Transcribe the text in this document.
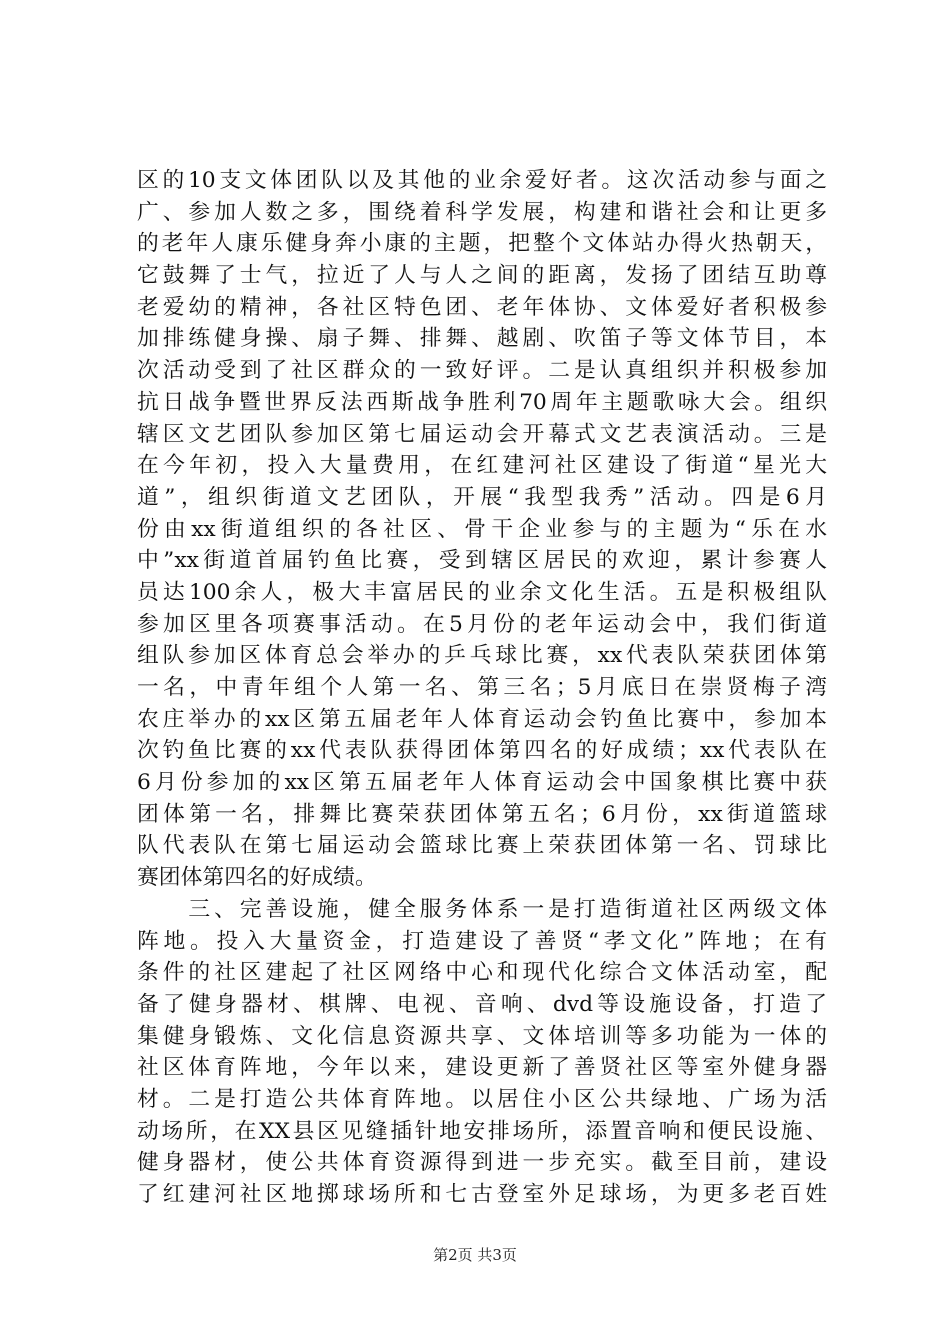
区的10支文体团队以及其他的业余爱好者。这次活动参与面之
广、参加人数之多，围绕着科学发展，构建和谐社会和让更多
的老年人康乐健身奔小康的主题，把整个文体站办得火热朝天，
它鼓舞了士气，拉近了人与人之间的距离，发扬了团结互助尊
老爱幼的精神，各社区特色团、老年体协、文体爱好者积极参
加排练健身操、扇子舞、排舞、越剧、吹笛子等文体节目，本
次活动受到了社区群众的一致好评。二是认真组织并积极参加
抗日战争暨世界反法西斯战争胜利70周年主题歌咏大会。组织
辖区文艺团队参加区第七届运动会开幕式文艺表演活动。三是
在今年初，投入大量费用，在红建河社区建设了街道“星光大
道”，组织街道文艺团队，开展“我型我秀”活动。四是6月
份由xx街道组织的各社区、骨干企业参与的主题为“乐在水
中”xx街道首届钓鱼比赛，受到辖区居民的欢迎，累计参赛人
员达100余人，极大丰富居民的业余文化生活。五是积极组队
参加区里各项赛事活动。在5月份的老年运动会中，我们街道
组队参加区体育总会举办的乒乓球比赛，xx代表队荣获团体第
一名，中青年组个人第一名、第三名；5月底日在崇贤梅子湾
农庄举办的xx区第五届老年人体育运动会钓鱼比赛中，参加本
次钓鱼比赛的xx代表队获得团体第四名的好成绩；xx代表队在
6月份参加的xx区第五届老年人体育运动会中国象棋比赛中获
团体第一名，排舞比赛荣获团体第五名；6月份，xx街道篮球
队代表队在第七届运动会篮球比赛上荣获团体第一名、罚球比
赛团体第四名的好成绩。
　　三、完善设施，健全服务体系一是打造街道社区两级文体
阵地。投入大量资金，打造建设了善贤“孝文化”阵地；在有
条件的社区建起了社区网络中心和现代化综合文体活动室，配
备了健身器材、棋牌、电视、音响、dvd等设施设备，打造了
集健身锻炼、文化信息资源共享、文体培训等多功能为一体的
社区体育阵地，今年以来，建设更新了善贤社区等室外健身器
材。二是打造公共体育阵地。以居住小区公共绿地、广场为活
动场所，在XX县区见缝插针地安排场所，添置音响和便民设施、
健身器材，使公共体育资源得到进一步充实。截至目前，建设
了红建河社区地掷球场所和七古登室外足球场，为更多老百姓
第2页 共3页
